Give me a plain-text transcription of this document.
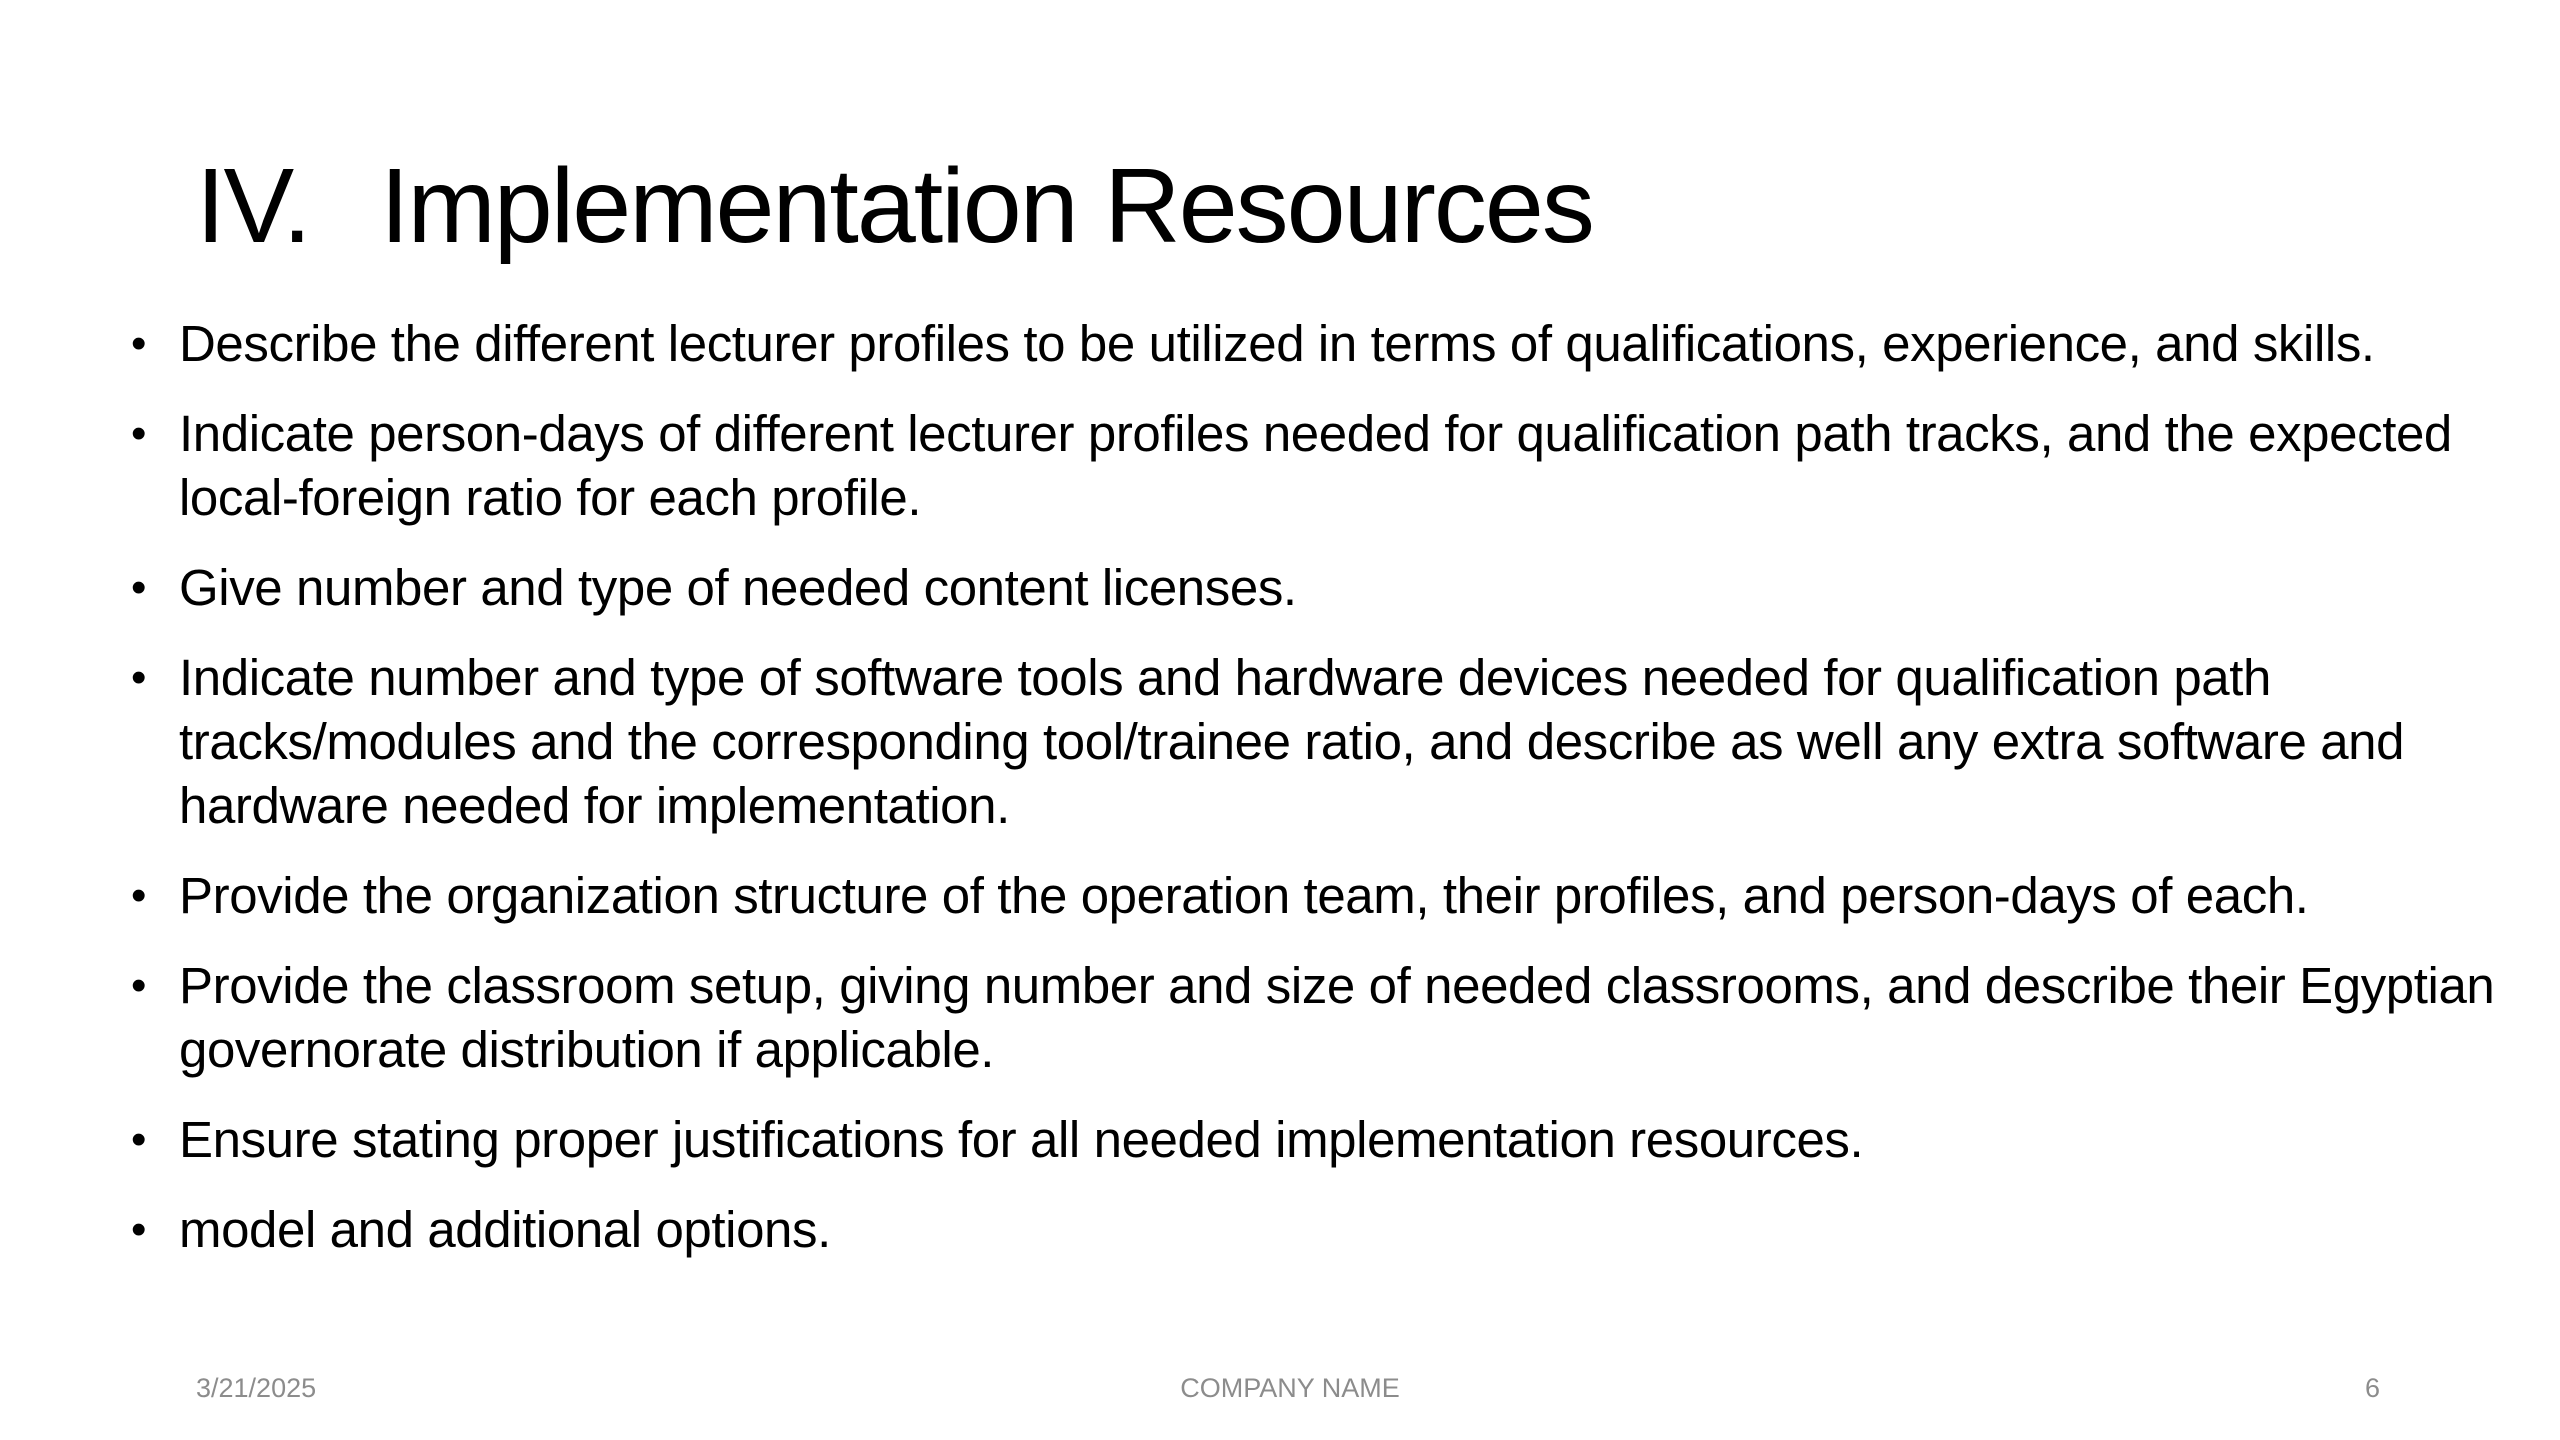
IV. Implementation Resources
• Describe the different lecturer profiles to be utilized in terms of qualifications, experience, and skills.
• Indicate person-days of different lecturer profiles needed for qualification path tracks, and the expected local-foreign ratio for each profile.
• Give number and type of needed content licenses.
• Indicate number and type of software tools and hardware devices needed for qualification path tracks/modules and the corresponding tool/trainee ratio, and describe as well any extra software and hardware needed for implementation.
• Provide the organization structure of the operation team, their profiles, and person-days of each.
• Provide the classroom setup, giving number and size of needed classrooms, and describe their Egyptian governorate distribution if applicable.
• Ensure stating proper justifications for all needed implementation resources.
• model and additional options.
3/21/2025	COMPANY NAME	6
